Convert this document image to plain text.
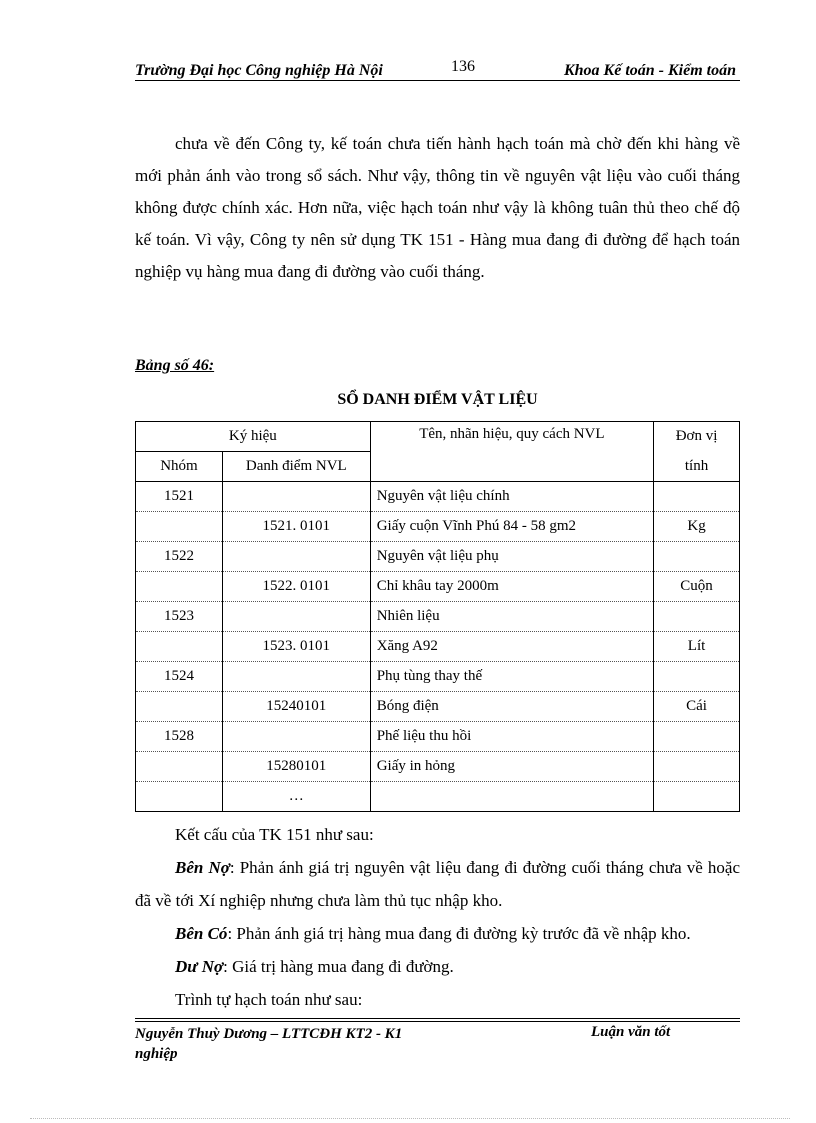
Trường Đại học Công nghiệp Hà Nội	136	Khoa Kế toán - Kiểm toán
chưa về đến Công ty, kế toán chưa tiến hành hạch toán mà chờ đến khi hàng về mới phản ánh vào trong sổ sách. Như vậy, thông tin về nguyên vật liệu vào cuối tháng không được chính xác. Hơn nữa, việc hạch toán như vậy là không tuân thủ theo chế độ kế toán. Vì vậy, Công ty nên sử dụng TK 151 - Hàng mua đang đi đường để hạch toán nghiệp vụ hàng mua đang đi đường vào cuối tháng.
Bảng số 46:
SỔ DANH ĐIỂM VẬT LIỆU
Ký hiệu		Tên, nhãn hiệu, quy cách NVL	Đơn vị
Nhóm	Danh điểm NVL		tính
1521		Nguyên vật liệu chính	
	1521. 0101	Giấy cuộn Vĩnh Phú 84 - 58 gm2	Kg
1522		Nguyên vật liệu phụ	
	1522. 0101	Chỉ khâu tay 2000m	Cuộn
1523		Nhiên liệu	
	1523. 0101	Xăng A92	Lít
1524		Phụ tùng thay thế	
	15240101	Bóng điện	Cái
1528		Phế liệu thu hồi	
	15280101	Giấy in hỏng	
	…		
Kết cấu của TK 151 như sau:
Bên Nợ: Phản ánh giá trị nguyên vật liệu đang đi đường cuối tháng chưa về hoặc đã về tới Xí nghiệp nhưng chưa làm thủ tục nhập kho.
Bên Có: Phản ánh giá trị hàng mua đang đi đường kỳ trước đã về nhập kho.
Dư Nợ: Giá trị hàng mua đang đi đường.
Trình tự hạch toán như sau:
Nguyễn Thuỳ Dương – LTTCĐH KT2 - K1
nghiệp
Luận văn tốt
